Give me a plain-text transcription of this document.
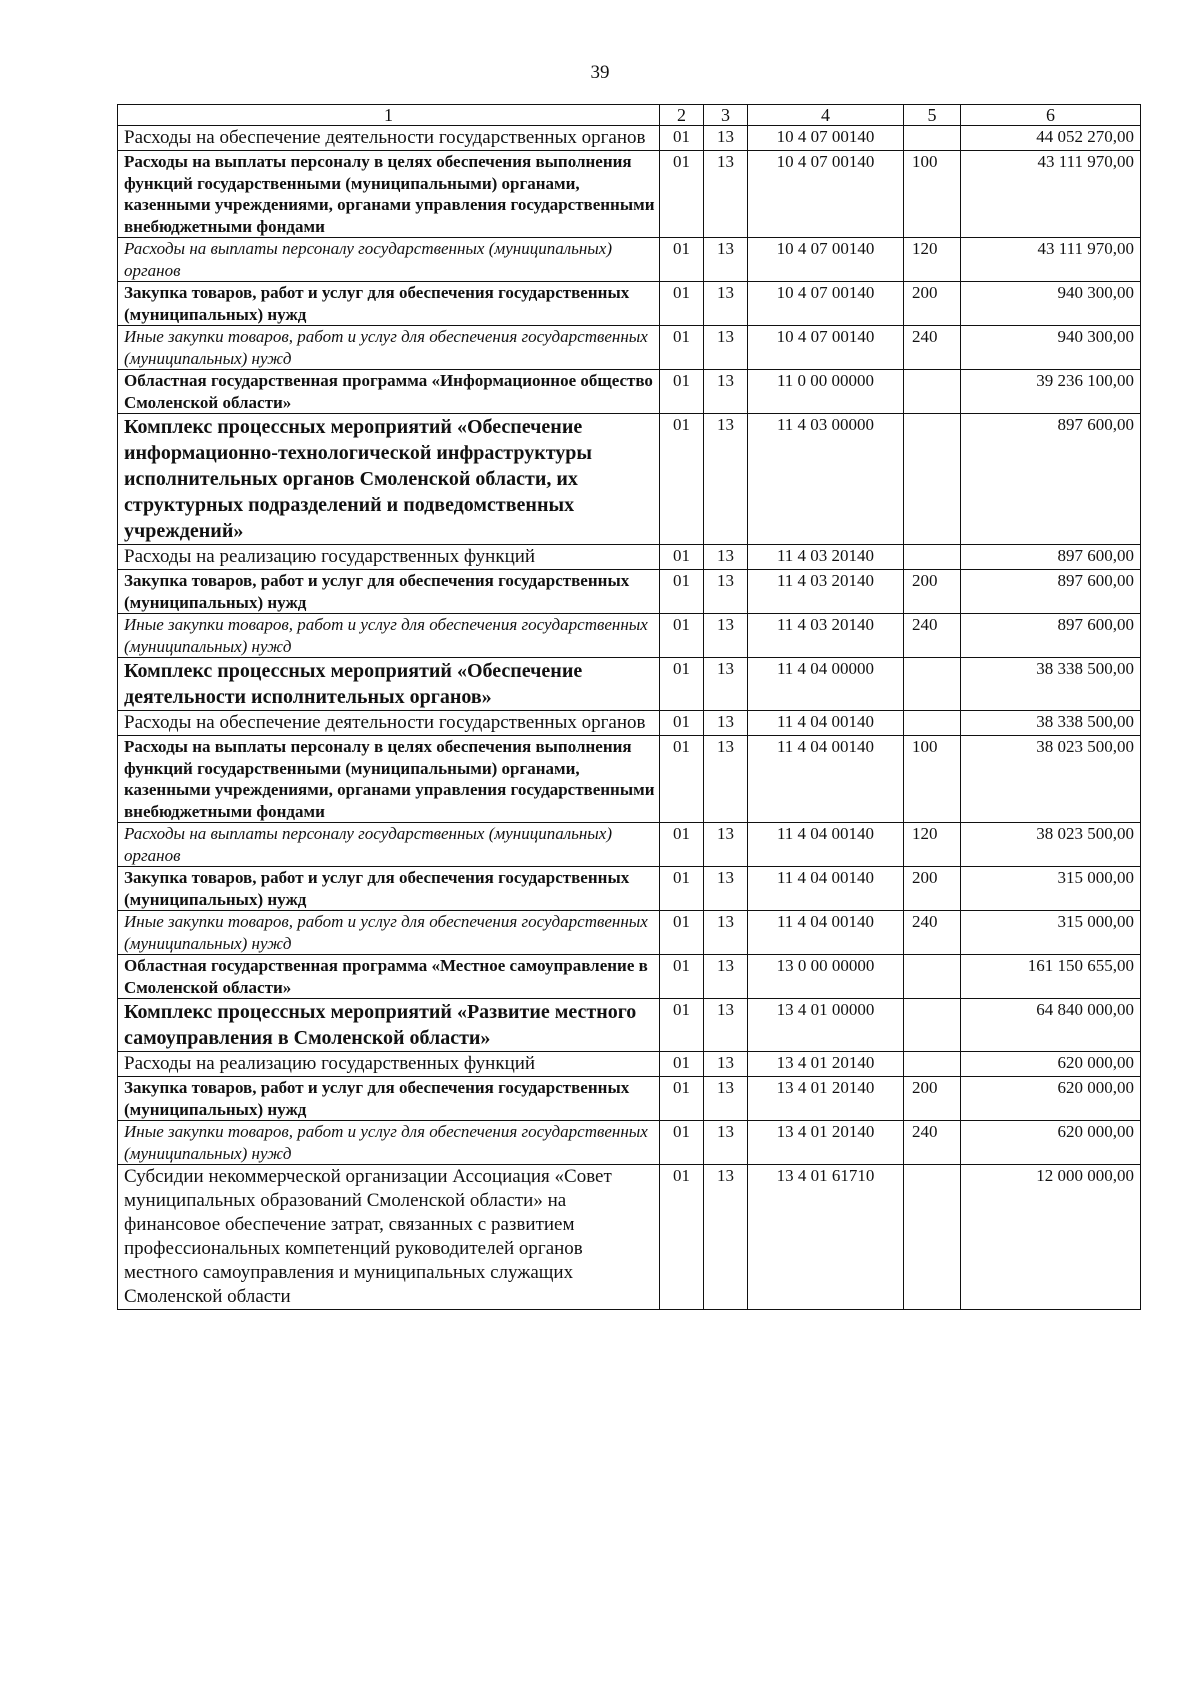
39
1	2	3	4	5	6
Расходы на обеспечение деятельности государственных органов	01	13	10 4 07 00140		44 052 270,00
Расходы на выплаты персоналу в целях обеспечения выполнения функций государственными (муниципальными) органами, казенными учреждениями, органами управления государственными внебюджетными фондами	01	13	10 4 07 00140	100	43 111 970,00
Расходы на выплаты персоналу государственных (муниципальных) органов	01	13	10 4 07 00140	120	43 111 970,00
Закупка товаров, работ и услуг для обеспечения государственных (муниципальных) нужд	01	13	10 4 07 00140	200	940 300,00
Иные закупки товаров, работ и услуг для обеспечения государственных (муниципальных) нужд	01	13	10 4 07 00140	240	940 300,00
Областная государственная программа «Информационное общество Смоленской области»	01	13	11 0 00 00000		39 236 100,00
Комплекс процессных мероприятий «Обеспечение информационно-технологической инфраструктуры исполнительных органов Смоленской области, их структурных подразделений и подведомственных учреждений»	01	13	11 4 03 00000		897 600,00
Расходы на реализацию государственных функций	01	13	11 4 03 20140		897 600,00
Закупка товаров, работ и услуг для обеспечения государственных (муниципальных) нужд	01	13	11 4 03 20140	200	897 600,00
Иные закупки товаров, работ и услуг для обеспечения государственных (муниципальных) нужд	01	13	11 4 03 20140	240	897 600,00
Комплекс процессных мероприятий «Обеспечение деятельности исполнительных органов»	01	13	11 4 04 00000		38 338 500,00
Расходы на обеспечение деятельности государственных органов	01	13	11 4 04 00140		38 338 500,00
Расходы на выплаты персоналу в целях обеспечения выполнения функций государственными (муниципальными) органами, казенными учреждениями, органами управления государственными внебюджетными фондами	01	13	11 4 04 00140	100	38 023 500,00
Расходы на выплаты персоналу государственных (муниципальных) органов	01	13	11 4 04 00140	120	38 023 500,00
Закупка товаров, работ и услуг для обеспечения государственных (муниципальных) нужд	01	13	11 4 04 00140	200	315 000,00
Иные закупки товаров, работ и услуг для обеспечения государственных (муниципальных) нужд	01	13	11 4 04 00140	240	315 000,00
Областная государственная программа «Местное самоуправление в Смоленской области»	01	13	13 0 00 00000		161 150 655,00
Комплекс процессных мероприятий «Развитие местного самоуправления в Смоленской области»	01	13	13 4 01 00000		64 840 000,00
Расходы на реализацию государственных функций	01	13	13 4 01 20140		620 000,00
Закупка товаров, работ и услуг для обеспечения государственных (муниципальных) нужд	01	13	13 4 01 20140	200	620 000,00
Иные закупки товаров, работ и услуг для обеспечения государственных (муниципальных) нужд	01	13	13 4 01 20140	240	620 000,00
Субсидии некоммерческой организации Ассоциация «Совет муниципальных образований Смоленской области» на финансовое обеспечение затрат, связанных с развитием профессиональных компетенций руководителей органов местного самоуправления и муниципальных служащих Смоленской области	01	13	13 4 01 61710		12 000 000,00
